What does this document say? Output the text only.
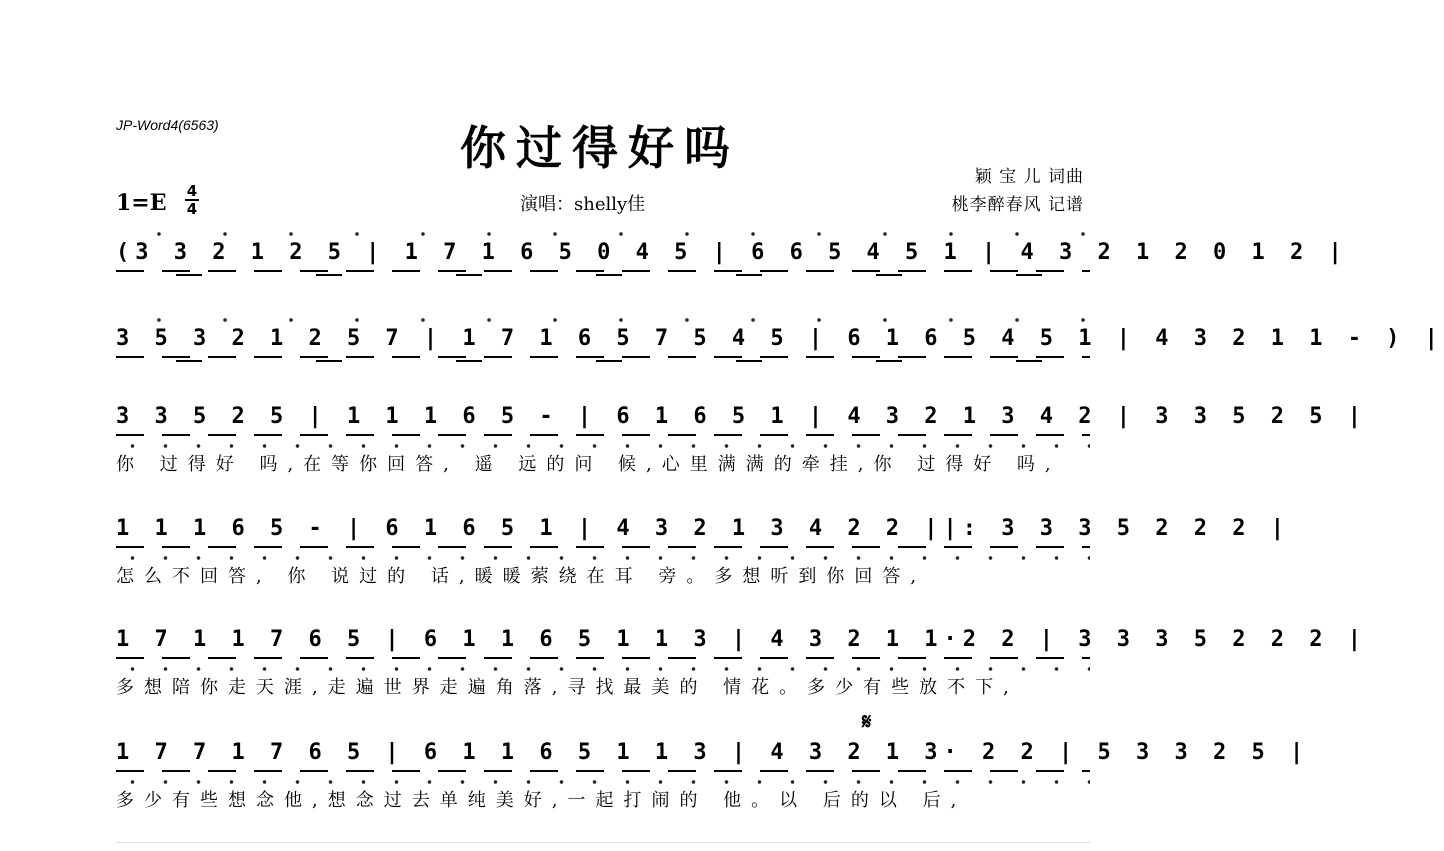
JP-Word4(6563)	你过得好吗
颖 宝 儿 词曲
桃李醉春风 记谱
演唱：shelly佳
1=E 4
4
(3 3 2 1 2 5 | 1 7 1 6 5 0 4 5 | 6 6 5 4 5 1 | 4 3 2 1 2 0 1 2 |
3 5 3 2 1 2 5 7 | 1 7 1 6 5 7 5 4 5 | 6 1 6 5 4 5 1 | 4 3 2 1 1 - ) |
3 3 5 2 5 | 1 1 1 6 5 - | 6 1 6 5 1 | 4 3 2 1 3 4 2 | 3 3 5 2 5 |
你 过得好 吗,在等你回答, 遥 远的问 候,心里满满的牵挂,你 过得好 吗,
1 1 1 6 5 - | 6 1 6 5 1 | 4 3 2 1 3 4 2 2 ||: 3 3 3 5 2 2 2 |
怎么不回答, 你 说过的 话,暖暖萦绕在耳 旁。多想听到你回答,
1 7 1 1 7 6 5 | 6 1 1 6 5 1 1 3 | 4 3 2 1 1·2 2 | 3 3 3 5 2 2 2 |
多想陪你走天涯,走遍世界走遍角落,寻找最美的 情花。多少有些放不下,
𝄋
1 7 7 1 7 6 5 | 6 1 1 6 5 1 1 3 | 4 3 2 1 3· 2 2 | 5 3 3 2 5 |
多少有些想念他,想念过去单纯美好,一起打闹的 他。以 后的以 后,
